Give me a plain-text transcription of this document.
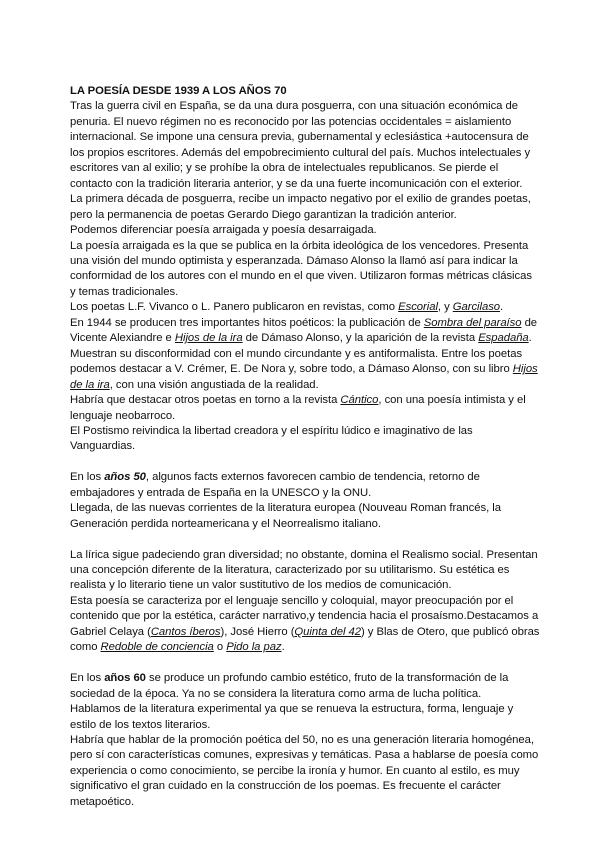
LA POESÍA DESDE 1939 A LOS AÑOS 70

Tras la guerra civil en España, se da una dura posguerra, con una situación económica de penuria. El nuevo régimen no es reconocido por las potencias occidentales = aislamiento internacional. Se impone una censura previa, gubernamental y eclesiástica +autocensura de los propios escritores. Además del empobrecimiento cultural del país. Muchos intelectuales y escritores van al exilio; y se prohíbe la obra de intelectuales republicanos. Se pierde el contacto con la tradición literaria anterior, y se da una fuerte incomunicación con el exterior.

La primera década de posguerra, recibe un impacto negativo por el exilio de grandes poetas, pero la permanencia de poetas Gerardo Diego garantizan la tradición anterior.

Podemos diferenciar poesía arraigada y poesía desarraigada.

La poesía arraigada es la que se publica en la órbita ideológica de los vencedores. Presenta una visión del mundo optimista y esperanzada. Dámaso Alonso la llamó así para indicar la conformidad de los autores con el mundo en el que viven. Utilizaron formas métricas clásicas y temas tradicionales.

Los poetas L.F. Vivanco o L. Panero publicaron en revistas, como Escorial, y Garcilaso.

En 1944 se producen tres importantes hitos poéticos: la publicación de Sombra del paraíso de Vicente Alexiandre e Hijos de la ira de Dámaso Alonso, y la aparición de la revista Espadaña. Muestran su disconformidad con el mundo circundante y es antiformalista. Entre los poetas podemos destacar a V. Crémer, E. De Nora y, sobre todo, a Dámaso Alonso, con su libro Hijos de la ira, con una visión angustiada de la realidad.

Habría que destacar otros poetas en torno a la revista Cántico, con una poesía intimista y el lenguaje neobarroco.

El Postismo reivindica la libertad creadora y el espíritu lúdico e imaginativo de las Vanguardias.

En los años 50, algunos facts externos favorecen cambio de tendencia, retorno de embajadores y entrada de España en la UNESCO y la ONU.

Llegada, de las nuevas corrientes de la literatura europea (Nouveau Roman francés, la Generación perdida norteamericana y el Neorrealismo italiano.

La lírica sigue padeciendo gran diversidad; no obstante, domina el Realismo social. Presentan una concepción diferente de la literatura, caracterizado por su utilitarismo. Su estética es realista y lo literario tiene un valor sustitutivo de los medios de comunicación.

Esta poesía se caracteriza por el lenguaje sencillo y coloquial, mayor preocupación por el contenido que por la estética, carácter narrativo,y tendencia hacia el prosaísmo.Destacamos a Gabriel Celaya (Cantos íberos), José Hierro (Quinta del 42) y Blas de Otero, que publicó obras como Redoble de conciencia o Pido la paz.

En los años 60 se produce un profundo cambio estético, fruto de la transformación de la sociedad de la época. Ya no se considera la literatura como arma de lucha política.

Hablamos de la literatura experimental ya que se renueva la estructura, forma, lenguaje y estilo de los textos literarios.

Habría que hablar de la promoción poética del 50, no es una generación literaria homogénea, pero sí con características comunes, expresivas y temáticas. Pasa a hablarse de poesía como experiencia o como conocimiento, se percibe la ironía y humor. En cuanto al estilo, es muy significativo el gran cuidado en la construcción de los poemas. Es frecuente el carácter metapoético.
